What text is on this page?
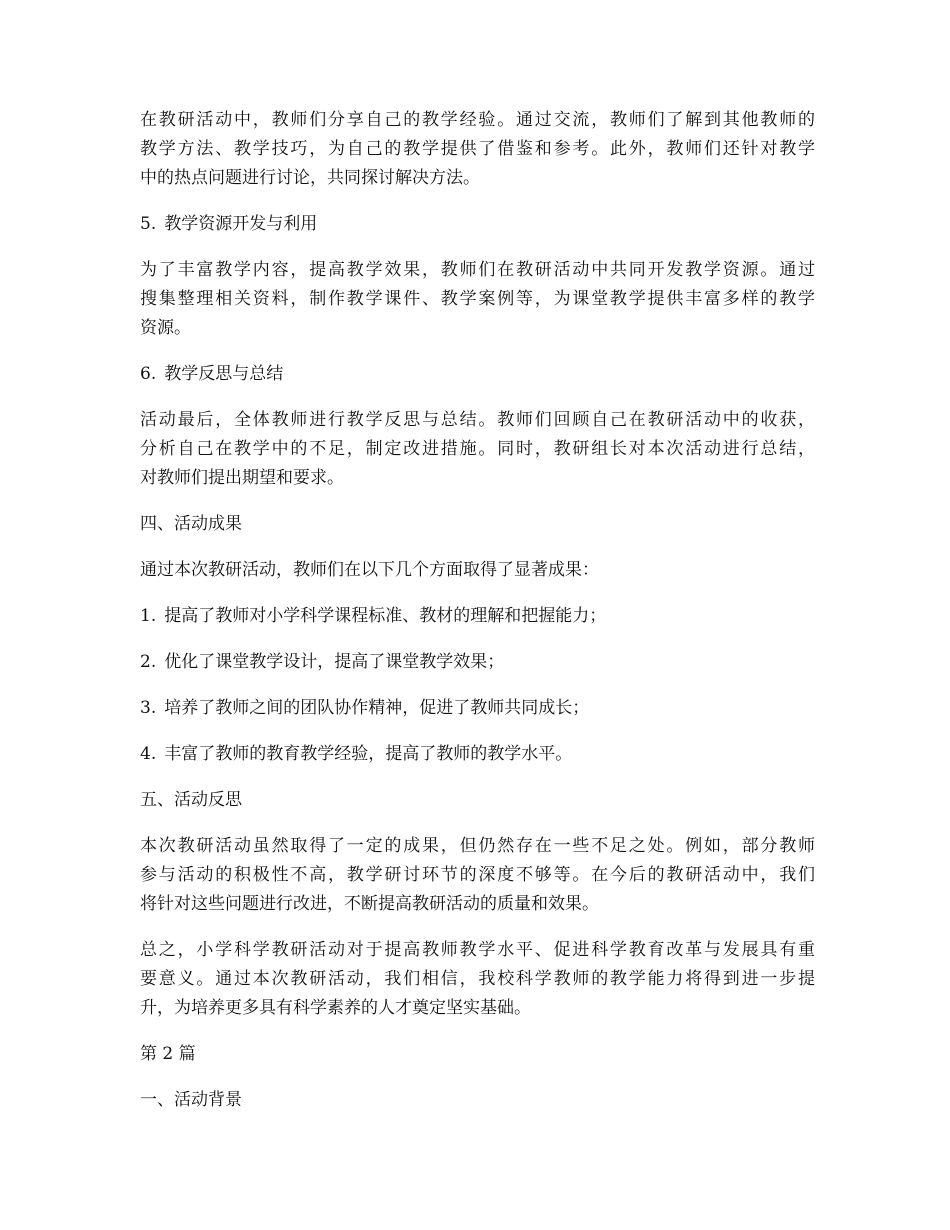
在教研活动中，教师们分享自己的教学经验。通过交流，教师们了解到其他教师的
教学方法、教学技巧，为自己的教学提供了借鉴和参考。此外，教师们还针对教学
中的热点问题进行讨论，共同探讨解决方法。
5. 教学资源开发与利用
为了丰富教学内容，提高教学效果，教师们在教研活动中共同开发教学资源。通过
搜集整理相关资料，制作教学课件、教学案例等，为课堂教学提供丰富多样的教学
资源。
6. 教学反思与总结
活动最后，全体教师进行教学反思与总结。教师们回顾自己在教研活动中的收获，
分析自己在教学中的不足，制定改进措施。同时，教研组长对本次活动进行总结，
对教师们提出期望和要求。
四、活动成果
通过本次教研活动，教师们在以下几个方面取得了显著成果：
1. 提高了教师对小学科学课程标准、教材的理解和把握能力；
2. 优化了课堂教学设计，提高了课堂教学效果；
3. 培养了教师之间的团队协作精神，促进了教师共同成长；
4. 丰富了教师的教育教学经验，提高了教师的教学水平。
五、活动反思
本次教研活动虽然取得了一定的成果，但仍然存在一些不足之处。例如，部分教师
参与活动的积极性不高，教学研讨环节的深度不够等。在今后的教研活动中，我们
将针对这些问题进行改进，不断提高教研活动的质量和效果。
总之，小学科学教研活动对于提高教师教学水平、促进科学教育改革与发展具有重
要意义。通过本次教研活动，我们相信，我校科学教师的教学能力将得到进一步提
升，为培养更多具有科学素养的人才奠定坚实基础。
第 2 篇
一、活动背景
